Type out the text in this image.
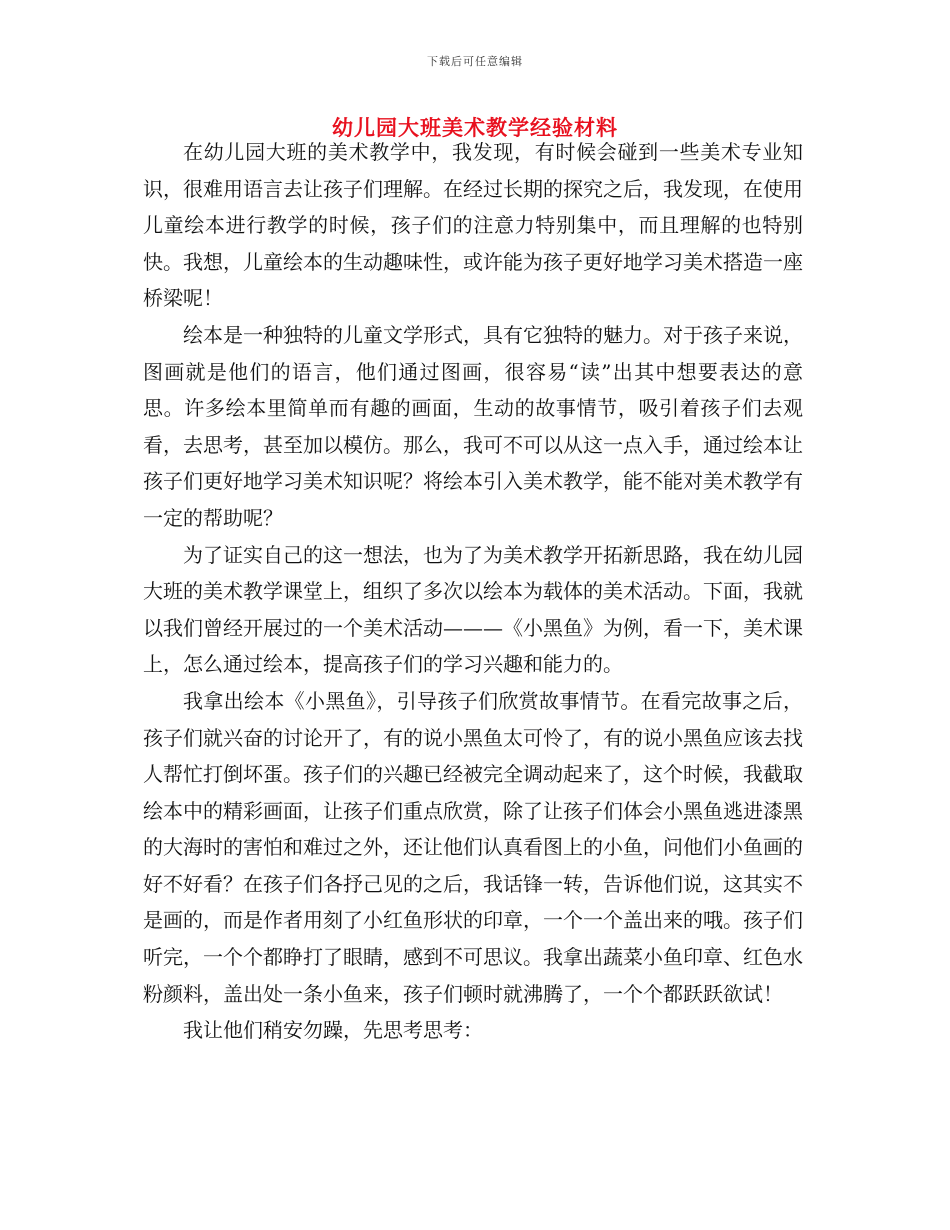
下载后可任意编辑
幼儿园大班美术教学经验材料

在幼儿园大班的美术教学中，我发现，有时候会碰到一些美术专业知识，很难用语言去让孩子们理解。在经过长期的探究之后，我发现，在使用儿童绘本进行教学的时候，孩子们的注意力特别集中，而且理解的也特别快。我想，儿童绘本的生动趣味性，或许能为孩子更好地学习美术搭造一座桥梁呢！

绘本是一种独特的儿童文学形式，具有它独特的魅力。对于孩子来说，图画就是他们的语言，他们通过图画，很容易“读”出其中想要表达的意思。许多绘本里简单而有趣的画面，生动的故事情节，吸引着孩子们去观看，去思考，甚至加以模仿。那么，我可不可以从这一点入手，通过绘本让孩子们更好地学习美术知识呢？将绘本引入美术教学，能不能对美术教学有一定的帮助呢？

为了证实自己的这一想法，也为了为美术教学开拓新思路，我在幼儿园大班的美术教学课堂上，组织了多次以绘本为载体的美术活动。下面，我就以我们曾经开展过的一个美术活动———《小黑鱼》为例，看一下，美术课上，怎么通过绘本，提高孩子们的学习兴趣和能力的。

我拿出绘本《小黑鱼》，引导孩子们欣赏故事情节。在看完故事之后，孩子们就兴奋的讨论开了，有的说小黑鱼太可怜了，有的说小黑鱼应该去找人帮忙打倒坏蛋。孩子们的兴趣已经被完全调动起来了，这个时候，我截取绘本中的精彩画面，让孩子们重点欣赏，除了让孩子们体会小黑鱼逃进漆黑的大海时的害怕和难过之外，还让他们认真看图上的小鱼，问他们小鱼画的好不好看？在孩子们各抒己见的之后，我话锋一转，告诉他们说，这其实不是画的，而是作者用刻了小红鱼形状的印章，一个一个盖出来的哦。孩子们听完，一个个都睁打了眼睛，感到不可思议。我拿出蔬菜小鱼印章、红色水粉颜料，盖出处一条小鱼来，孩子们顿时就沸腾了，一个个都跃跃欲试！

我让他们稍安勿躁，先思考思考：
